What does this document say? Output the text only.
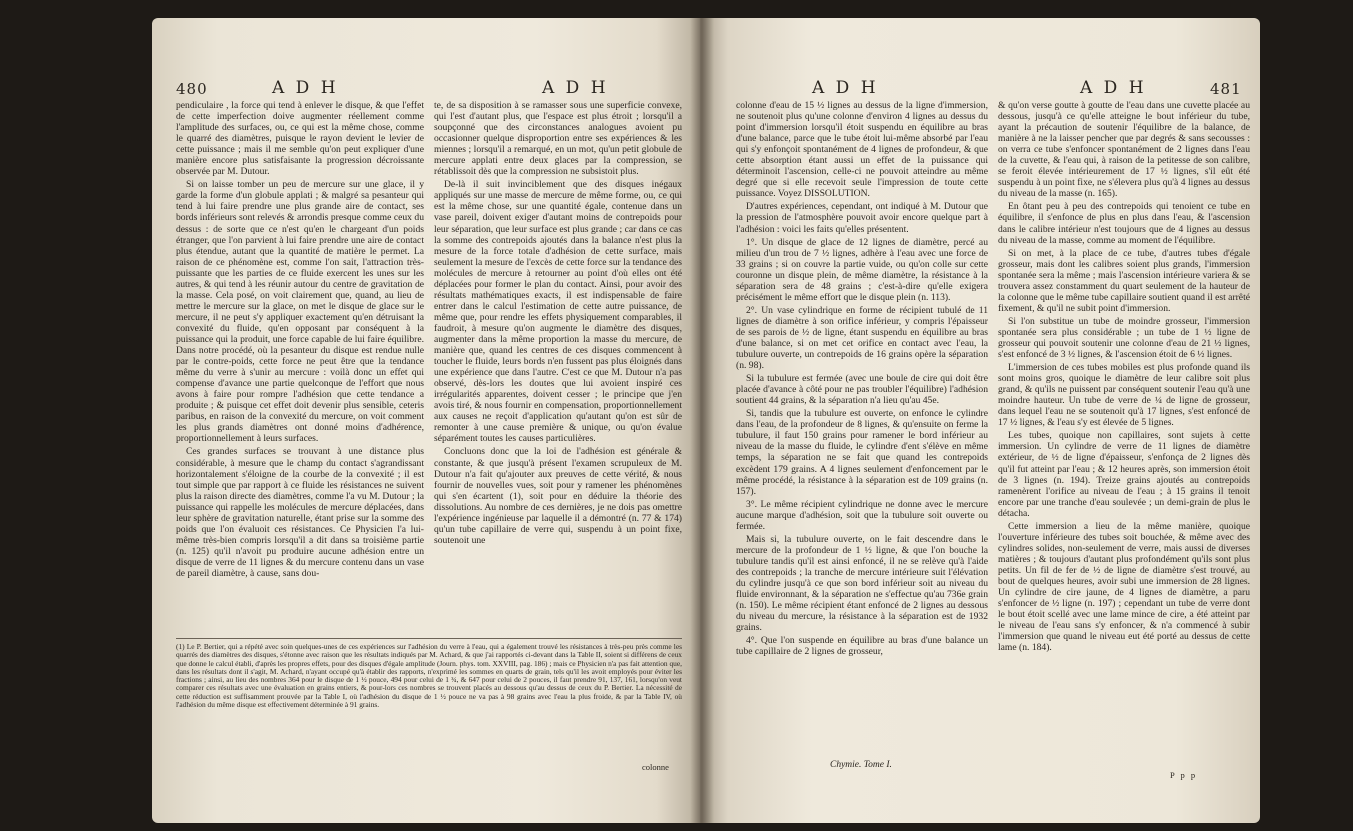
480	A D H	A D H

pendiculaire , la force qui tend à enlever le disque, & que l'effet de cette imperfection doive augmenter réellement comme l'amplitude des surfaces, ou, ce qui est la même chose, comme le quarré des diamètres, puisque le rayon devient le levier de cette puissance ; mais il me semble qu'on peut expliquer d'une manière encore plus satisfaisante la progression décroissante observée par M. Dutour.

Si on laisse tomber un peu de mercure sur une glace, il y garde la forme d'un globule applati ; & malgré sa pesanteur qui tend à lui faire prendre une plus grande aire de contact, ses bords inférieurs sont relevés & arrondis presque comme ceux du dessus : de sorte que ce n'est qu'en le chargeant d'un poids étranger, que l'on parvient à lui faire prendre une aire de contact plus étendue, autant que la quantité de matière le permet. La raison de ce phénomène est, comme l'on sait, l'attraction très-puissante que les parties de ce fluide exercent les unes sur les autres, & qui tend à les réunir autour du centre de gravitation de la masse. Cela posé, on voit clairement que, quand, au lieu de mettre le mercure sur la glace, on met le disque de glace sur le mercure, il ne peut s'y appliquer exactement qu'en détruisant la convexité du fluide, qu'en opposant par conséquent à la puissance qui la produit, une force capable de lui faire équilibre. Dans notre procédé, où la pesanteur du disque est rendue nulle par le contre-poids, cette force ne peut être que la tendance même du verre à s'unir au mercure : voilà donc un effet qui compense d'avance une partie quelconque de l'effort que nous avons à faire pour rompre l'adhésion que cette tendance a produite ; & puisque cet effet doit devenir plus sensible, ceteris paribus, en raison de la convexité du mercure, on voit comment les plus grands diamètres ont donné moins d'adhérence, proportionnellement à leurs surfaces.

Ces grandes surfaces se trouvant à une distance plus considérable, à mesure que le champ du contact s'agrandissant horizontalement s'éloigne de la courbe de la convexité ; il est tout simple que par rapport à ce fluide les résistances ne suivent plus la raison directe des diamètres, comme l'a vu M. Dutour ; la puissance qui rappelle les molécules de mercure déplacées, dans leur sphère de gravitation naturelle, étant prise sur la somme des poids que l'on évaluoit ces résistances. Ce Physicien l'a lui-même très-bien compris lorsqu'il a dit dans sa troisième partie (n. 125) qu'il n'avoit pu produire aucune adhésion entre un disque de verre de 11 lignes & du mercure contenu dans un vase de pareil diamètre, à cause, sans dou-

te, de sa disposition à se ramasser sous une superficie convexe, qui l'est d'autant plus, que l'espace est plus étroit ; lorsqu'il a soupçonné que des circonstances analogues avoient pu occasionner quelque disproportion entre ses expériences & les miennes ; lorsqu'il a remarqué, en un mot, qu'un petit globule de mercure applati entre deux glaces par la compression, se rétablissoit dès que la compression ne subsistoit plus.

De-là il suit invinciblement que des disques inégaux appliqués sur une masse de mercure de même forme, ou, ce qui est la même chose, sur une quantité égale, contenue dans un vase pareil, doivent exiger d'autant moins de contrepoids pour leur séparation, que leur surface est plus grande ; car dans ce cas la somme des contrepoids ajoutés dans la balance n'est plus la mesure de la force totale d'adhésion de cette surface, mais seulement la mesure de l'excès de cette force sur la tendance des molécules de mercure à retourner au point d'où elles ont été déplacées pour former le plan du contact. Ainsi, pour avoir des résultats mathématiques exacts, il est indispensable de faire entrer dans le calcul l'estimation de cette autre puissance, de même que, pour rendre les effets physiquement comparables, il faudroit, à mesure qu'on augmente le diamètre des disques, augmenter dans la même proportion la masse du mercure, de manière que, quand les centres de ces disques commencent à toucher le fluide, leurs bords n'en fussent pas plus éloignés dans une expérience que dans l'autre. C'est ce que M. Dutour n'a pas observé, dès-lors les doutes que lui avoient inspiré ces irrégularités apparentes, doivent cesser ; le principe que j'en avois tiré, & nous fournir en compensation, proportionnellement aux causes ne reçoit d'application qu'autant qu'on est sûr de remonter à une cause première & unique, ou qu'on évalue séparément toutes les causes particulières.

Concluons donc que la loi de l'adhésion est générale & constante, & que jusqu'à présent l'examen scrupuleux de M. Dutour n'a fait qu'ajouter aux preuves de cette vérité, & nous fournir de nouvelles vues, soit pour y ramener les phénomènes qui s'en écartent (1), soit pour en déduire la théorie des dissolutions. Au nombre de ces dernières, je ne dois pas omettre l'expérience ingénieuse par laquelle il a démontré (n. 77 & 174) qu'un tube capillaire de verre qui, suspendu à un point fixe, soutenoit une

(1) Le P. Bertier, qui a répété avec soin quelques-unes de ces expériences sur l'adhésion du verre à l'eau, qui a également trouvé les résistances à très-peu près comme les quarrés des diamètres des disques, s'étonne avec raison que les résultats indiqués par M. Achard, & que j'ai rapportés ci-devant dans la Table II, soient si différens de ceux que donne le calcul établi, d'après les propres effets, pour des disques d'égale amplitude (Journ. phys. tom. XXVIII, pag. 186) ; mais ce Physicien n'a pas fait attention que, dans les résultats dont il s'agit, M. Achard, n'ayant occupé qu'à établir des rapports, n'exprimé les sommes en quarts de grain, tels qu'il les avoit employés pour éviter les fractions ; ainsi, au lieu des nombres 364 pour le disque de 1 ½ pouce, 494 pour celui de 1 ¾, & 647 pour celui de 2 pouces, il faut prendre 91, 137, 161, lorsqu'on veut comparer ces résultats avec une évaluation en grains entiers, & pour-lors ces nombres se trouvent placés au dessous qu'au dessus de ceux du P. Bertier. La nécessité de cette réduction est suffisamment prouvée par la Table I, où l'adhésion du disque de 1 ½ pouce ne va pas à 98 grains avec l'eau la plus froide, & par la Table IV, où l'adhésion du même disque est effectivement déterminée à 91 grains.
colonne
A D H	A D H	481

colonne d'eau de 15 ½ lignes au dessus de la ligne d'immersion, ne soutenoit plus qu'une colonne d'environ 4 lignes au dessus du point d'immersion lorsqu'il étoit suspendu en équilibre au bras d'une balance, parce que le tube étoit lui-même absorbé par l'eau qui s'y enfonçoit spontanément de 4 lignes de profondeur, & que cette absorption étant aussi un effet de la puissance qui déterminoit l'ascension, celle-ci ne pouvoit atteindre au même degré que si elle recevoit seule l'impression de toute cette puissance. Voyez DISSOLUTION.

D'autres expériences, cependant, ont indiqué à M. Dutour que la pression de l'atmosphère pouvoit avoir encore quelque part à l'adhésion : voici les faits qu'elles présentent.

1°. Un disque de glace de 12 lignes de diamètre, percé au milieu d'un trou de 7 ½ lignes, adhère à l'eau avec une force de 33 grains ; si on couvre la partie vuide, ou qu'on colle sur cette couronne un disque plein, de même diamètre, la résistance à la séparation sera de 48 grains ; c'est-à-dire qu'elle exigera précisément le même effort que le disque plein (n. 113).

2°. Un vase cylindrique en forme de récipient tubulé de 11 lignes de diamètre à son orifice inférieur, y compris l'épaisseur de ses parois de ½ de ligne, étant suspendu en équilibre au bras d'une balance, si on met cet orifice en contact avec l'eau, la tubulure ouverte, un contrepoids de 16 grains opère la séparation (n. 98).

Si la tubulure est fermée (avec une boule de cire qui doit être placée d'avance à côté pour ne pas troubler l'équilibre) l'adhésion soutient 44 grains, & la séparation n'a lieu qu'au 45e.

Si, tandis que la tubulure est ouverte, on enfonce le cylindre dans l'eau, de la profondeur de 8 lignes, & qu'ensuite on ferme la tubulure, il faut 150 grains pour ramener le bord inférieur au niveau de la masse du fluide, le cylindre d'ent s'élève en même temps, la séparation ne se fait que quand les contrepoids excèdent 179 grains. A 4 lignes seulement d'enfoncement par le même procédé, la résistance à la séparation est de 109 grains (n. 157).

3°. Le même récipient cylindrique ne donne avec le mercure aucune marque d'adhésion, soit que la tubulure soit ouverte ou fermée.

Mais si, la tubulure ouverte, on le fait descendre dans le mercure de la profondeur de 1 ½ ligne, & que l'on bouche la tubulure tandis qu'il est ainsi enfoncé, il ne se relève qu'à l'aide des contrepoids ; la tranche de mercure intérieure suit l'élévation du cylindre jusqu'à ce que son bord inférieur soit au niveau du fluide environnant, & la séparation ne s'effectue qu'au 736e grain (n. 150). Le même récipient étant enfoncé de 2 lignes au dessous du niveau du mercure, la résistance à la séparation est de 1932 grains.

4°. Que l'on suspende en équilibre au bras d'une balance un tube capillaire de 2 lignes de grosseur,

& qu'on verse goutte à goutte de l'eau dans une cuvette placée au dessous, jusqu'à ce qu'elle atteigne le bout inférieur du tube, ayant la précaution de soutenir l'équilibre de la balance, de manière à ne la laisser pencher que par degrés & sans secousses : on verra ce tube s'enfoncer spontanément de 2 lignes dans l'eau de la cuvette, & l'eau qui, à raison de la petitesse de son calibre, se feroit élevée intérieurement de 17 ½ lignes, s'il eût été suspendu à un point fixe, ne s'élevera plus qu'à 4 lignes au dessus du niveau de la masse (n. 165).

En ôtant peu à peu des contrepoids qui tenoient ce tube en équilibre, il s'enfonce de plus en plus dans l'eau, & l'ascension dans le calibre intérieur n'est toujours que de 4 lignes au dessus du niveau de la masse, comme au moment de l'équilibre.

Si on met, à la place de ce tube, d'autres tubes d'égale grosseur, mais dont les calibres soient plus grands, l'immersion spontanée sera la même ; mais l'ascension intérieure variera & se trouvera assez constamment du quart seulement de la hauteur de la colonne que le même tube capillaire soutient quand il est arrêté fixement, & qu'il ne subit point d'immersion.

Si l'on substitue un tube de moindre grosseur, l'immersion spontanée sera plus considérable ; un tube de 1 ½ ligne de grosseur qui pouvoit soutenir une colonne d'eau de 21 ½ lignes, s'est enfoncé de 3 ½ lignes, & l'ascension étoit de 6 ½ lignes.

L'immersion de ces tubes mobiles est plus profonde quand ils sont moins gros, quoique le diamètre de leur calibre soit plus grand, & qu'ils ne puissent par conséquent soutenir l'eau qu'à une moindre hauteur. Un tube de verre de ¼ de ligne de grosseur, dans lequel l'eau ne se soutenoit qu'à 17 lignes, s'est enfoncé de 17 ½ lignes, & l'eau s'y est élevée de 5 lignes.

Les tubes, quoique non capillaires, sont sujets à cette immersion. Un cylindre de verre de 11 lignes de diamètre extérieur, de ½ de ligne d'épaisseur, s'enfonça de 2 lignes dès qu'il fut atteint par l'eau ; & 12 heures après, son immersion étoit de 3 lignes (n. 194). Treize grains ajoutés au contrepoids ramenèrent l'orifice au niveau de l'eau ; à 15 grains il tenoit encore par une tranche d'eau soulevée ; un demi-grain de plus le détacha.

Cette immersion a lieu de la même manière, quoique l'ouverture inférieure des tubes soit bouchée, & même avec des cylindres solides, non-seulement de verre, mais aussi de diverses matières ; & toujours d'autant plus profondément qu'ils sont plus petits. Un fil de fer de ½ de ligne de diamètre s'est trouvé, au bout de quelques heures, avoir subi une immersion de 28 lignes. Un cylindre de cire jaune, de 4 lignes de diamètre, a paru s'enfoncer de ½ ligne (n. 197) ; cependant un tube de verre dont le bout étoit scellé avec une lame mince de cire, a été atteint par le niveau de l'eau sans s'y enfoncer, & n'a commencé à subir l'immersion que quand le niveau eut été porté au dessus de cette lame (n. 184).

Chymie. Tome I.
P p p
